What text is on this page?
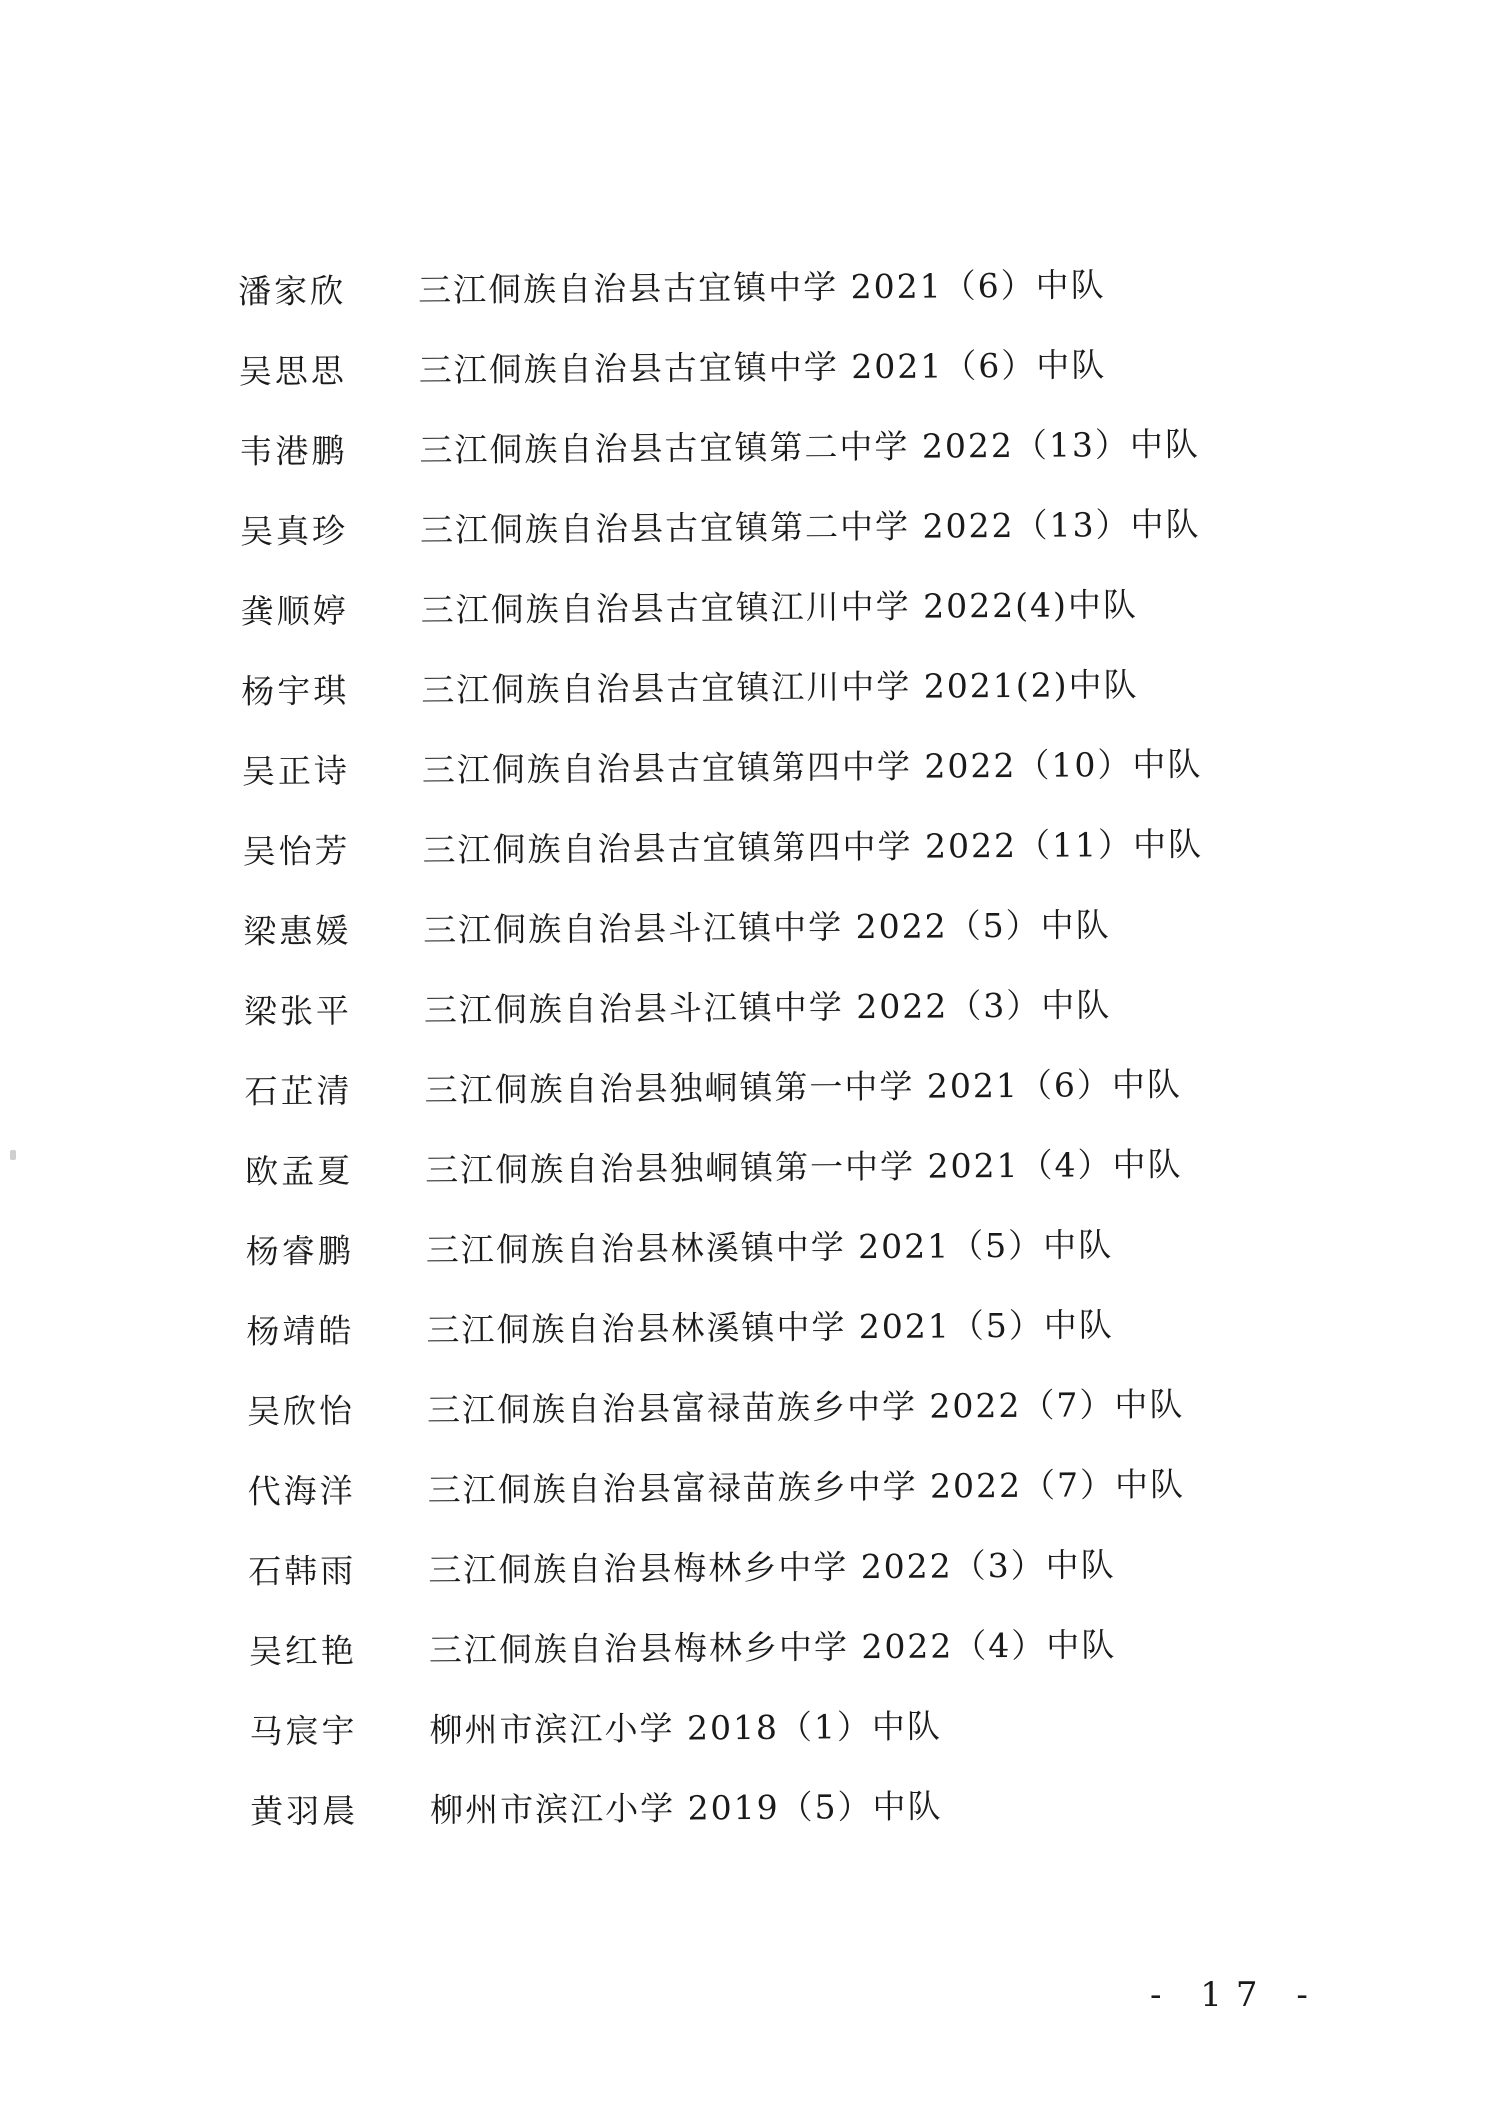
潘家欣	三江侗族自治县古宜镇中学 2021（6）中队
吴思思	三江侗族自治县古宜镇中学 2021（6）中队
韦港鹏	三江侗族自治县古宜镇第二中学 2022（13）中队
吴真珍	三江侗族自治县古宜镇第二中学 2022（13）中队
龚顺婷	三江侗族自治县古宜镇江川中学 2022(4)中队
杨宇琪	三江侗族自治县古宜镇江川中学 2021(2)中队
吴正诗	三江侗族自治县古宜镇第四中学 2022（10）中队
吴怡芳	三江侗族自治县古宜镇第四中学 2022（11）中队
梁惠媛	三江侗族自治县斗江镇中学 2022（5）中队
梁张平	三江侗族自治县斗江镇中学 2022（3）中队
石芷清	三江侗族自治县独峒镇第一中学 2021（6）中队
欧孟夏	三江侗族自治县独峒镇第一中学 2021（4）中队
杨睿鹏	三江侗族自治县林溪镇中学 2021（5）中队
杨靖皓	三江侗族自治县林溪镇中学 2021（5）中队
吴欣怡	三江侗族自治县富禄苗族乡中学 2022（7）中队
代海洋	三江侗族自治县富禄苗族乡中学 2022（7）中队
石韩雨	三江侗族自治县梅林乡中学 2022（3）中队
吴红艳	三江侗族自治县梅林乡中学 2022（4）中队
马宸宇	柳州市滨江小学 2018（1）中队
黄羽晨	柳州市滨江小学 2019（5）中队
- 17 -
